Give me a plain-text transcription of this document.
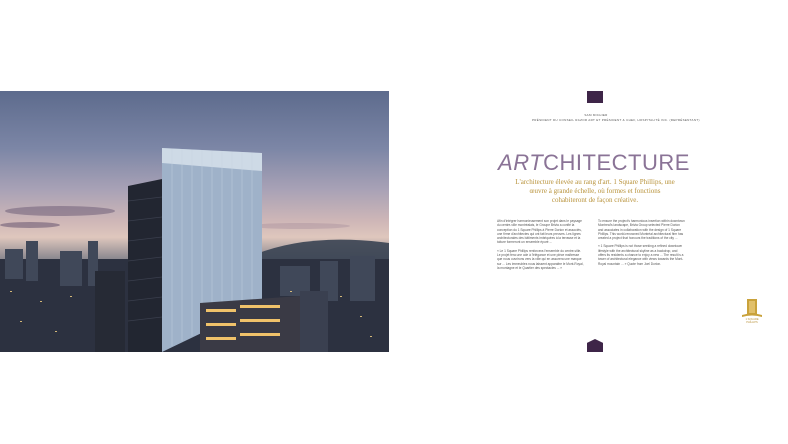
SAM MICHIER
PRÉSIDENT DU CONSEIL RAZOR ART ET PRÉSIDENT & CHEF, HOSPITALITÉ INC. (REPRÉSENTANT)
ARTCHITECTURE
L'architecture élevée au rang d'art. 1 Square Phillips, une œuvre à grande échelle, où formes et fonctions cohabiteront de façon créative.

Afin d'intégrer harmonieusement son projet dans le paysage du centre-ville montréalais, le Groupe Brivia a confié la conception du 1 Square Phillips à Pierre Dorion et associés, une firme d'architectes qui ont fait leurs preuves. Les lignes architecturales des bâtiments imbriquées à la terrasse et la toiture formeront un ensemble épuré ...

« Le 1 Square Phillips renforcera l'ensemble du centre-ville. Le projet fera une ode à l'élégance et une pièce maîtresse que nous ouvrirons vers la ville qui en assurera une marque sur ... Les immeubles nous laissent apparaitre le Mont-Royal, la montagne et le Quartier des spectacles ... »

To ensure the project's harmonious insertion within downtown Montreal's landscape, Brivia Group selected Pierre Dorion and associates in collaboration with the design of 1 Square Phillips. This world-renowned Montréal architectural firm has created a project that honours the traditions of the city ...

« 1 Square Phillips is not those seeking a refined downtown lifestyle with the architectural skyline as a backdrop, and offers its residents a chance to enjoy a new ... The result is a tower of architectural elegance with views towards the Mont-Royal mountain ... » Quote from Joel Dorion.

1 SQUARE
PHILLIPS
